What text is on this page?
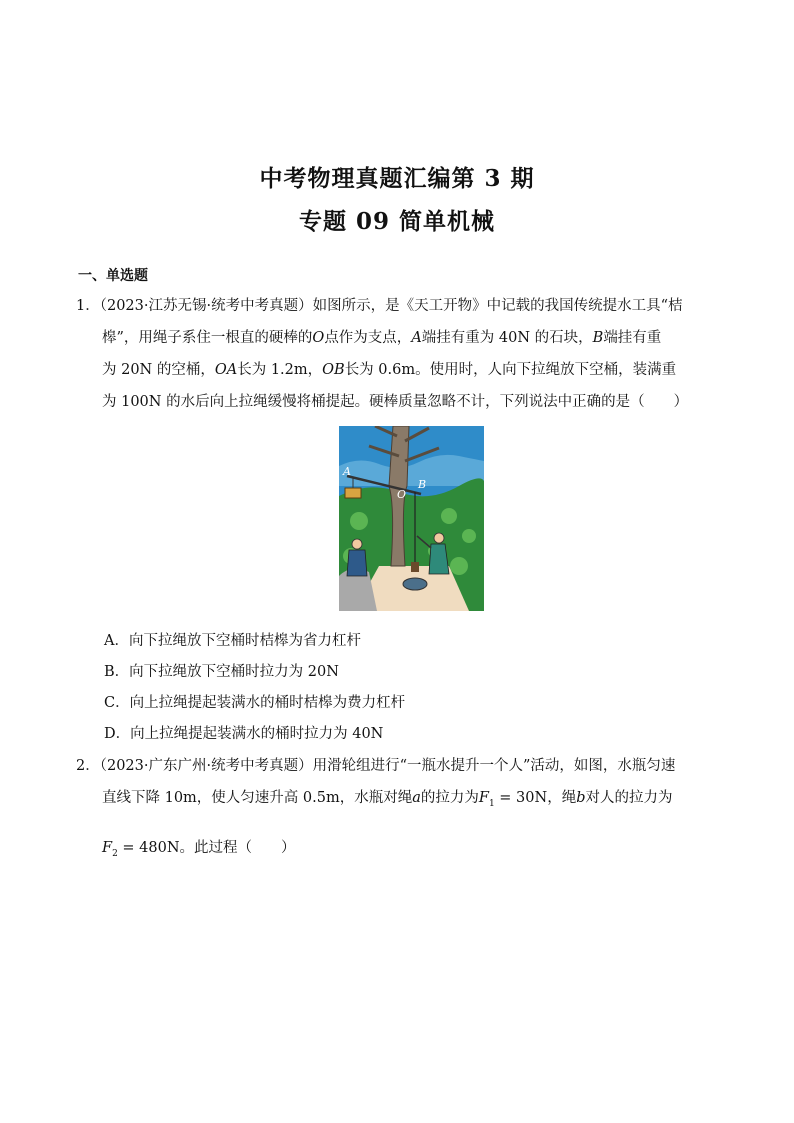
中考物理真题汇编第 3 期
专题 09 简单机械
一、单选题
1．（2023·江苏无锡·统考中考真题）如图所示，是《天工开物》中记载的我国传统提水工具“桔
槔”，用绳子系住一根直的硬棒的O点作为支点，A端挂有重为 40N 的石块，B端挂有重
为 20N 的空桶，OA长为 1.2m，OB长为 0.6m。使用时，人向下拉绳放下空桶，装满重
为 100N 的水后向上拉绳缓慢将桶提起。硬棒质量忽略不计，下列说法中正确的是（　　）
A
O
B
A．向下拉绳放下空桶时桔槔为省力杠杆
B．向下拉绳放下空桶时拉力为 20N
C．向上拉绳提起装满水的桶时桔槔为费力杠杆
D．向上拉绳提起装满水的桶时拉力为 40N
2．（2023·广东广州·统考中考真题）用滑轮组进行“一瓶水提升一个人”活动，如图，水瓶匀速
直线下降 10m，使人匀速升高 0.5m，水瓶对绳a的拉力为$F_1 = 30N$，绳b对人的拉力为
$F_2 = 480N$。此过程（　　）
